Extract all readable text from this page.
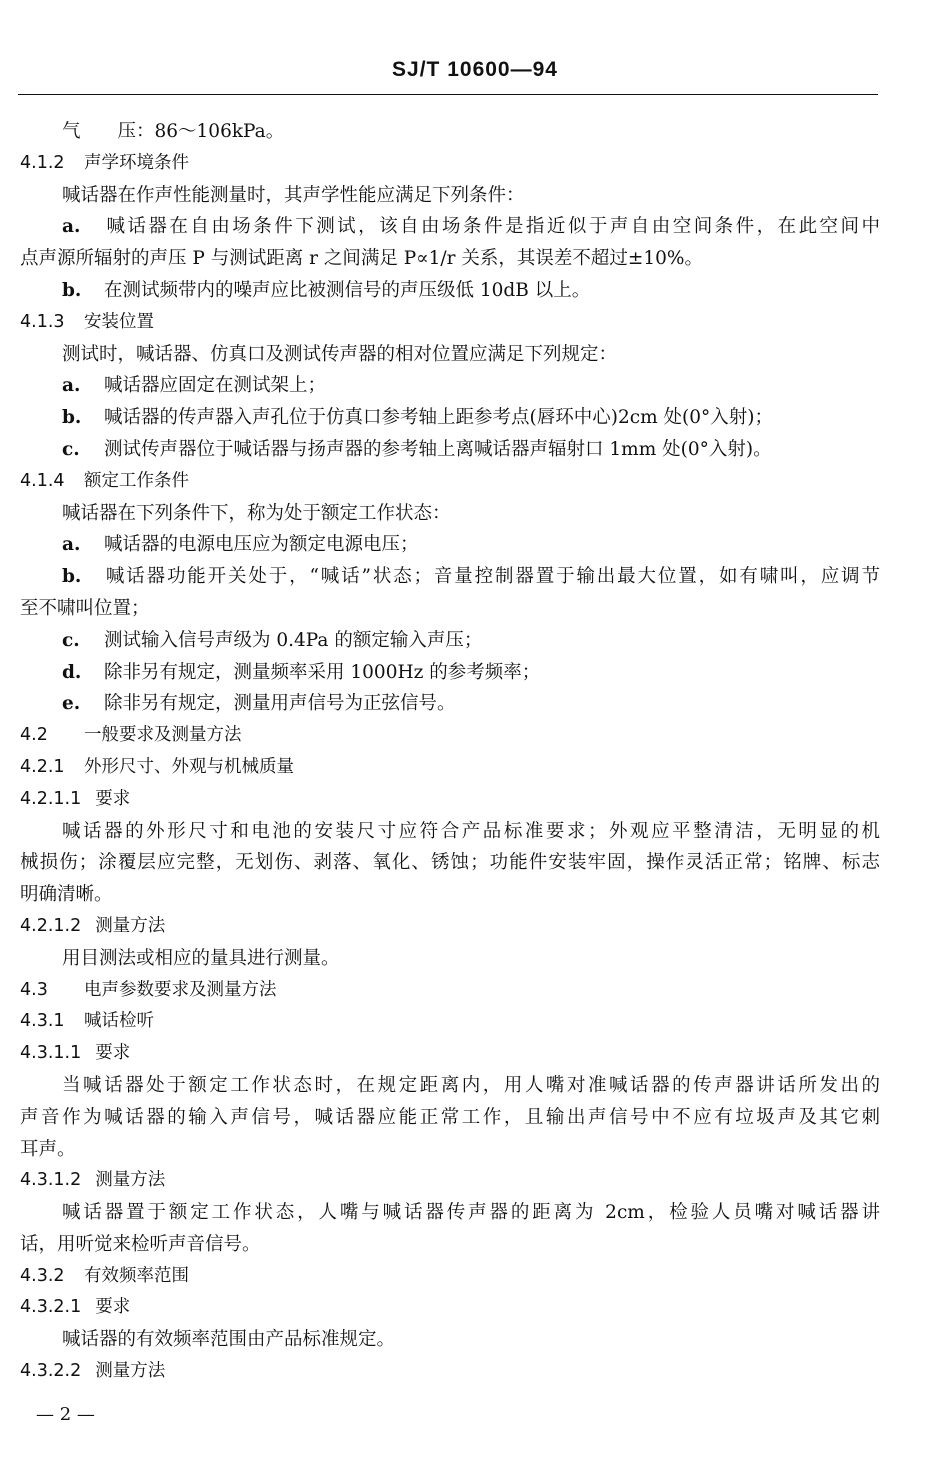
SJ/T 10600—94
气　　压：86～106kPa。
4.1.2 声学环境条件
喊话器在作声性能测量时，其声学性能应满足下列条件：
a. 喊话器在自由场条件下测试，该自由场条件是指近似于声自由空间条件，在此空间中
点声源所辐射的声压 P 与测试距离 r 之间满足 P∝1/r 关系，其误差不超过±10%。
b. 在测试频带内的噪声应比被测信号的声压级低 10dB 以上。
4.1.3 安装位置
测试时，喊话器、仿真口及测试传声器的相对位置应满足下列规定：
a. 喊话器应固定在测试架上；
b. 喊话器的传声器入声孔位于仿真口参考轴上距参考点(唇环中心)2cm 处(0°入射)；
c. 测试传声器位于喊话器与扬声器的参考轴上离喊话器声辐射口 1mm 处(0°入射)。
4.1.4 额定工作条件
喊话器在下列条件下，称为处于额定工作状态：
a. 喊话器的电源电压应为额定电源电压；
b. 喊话器功能开关处于，“喊话”状态；音量控制器置于输出最大位置，如有啸叫，应调节
至不啸叫位置；
c. 测试输入信号声级为 0.4Pa 的额定输入声压；
d. 除非另有规定，测量频率采用 1000Hz 的参考频率；
e. 除非另有规定，测量用声信号为正弦信号。
4.2 一般要求及测量方法
4.2.1 外形尺寸、外观与机械质量
4.2.1.1 要求
喊话器的外形尺寸和电池的安装尺寸应符合产品标准要求；外观应平整清洁，无明显的机
械损伤；涂覆层应完整，无划伤、剥落、氧化、锈蚀；功能件安装牢固，操作灵活正常；铭牌、标志
明确清晰。
4.2.1.2 测量方法
用目测法或相应的量具进行测量。
4.3 电声参数要求及测量方法
4.3.1 喊话检听
4.3.1.1 要求
当喊话器处于额定工作状态时，在规定距离内，用人嘴对准喊话器的传声器讲话所发出的
声音作为喊话器的输入声信号，喊话器应能正常工作，且输出声信号中不应有垃圾声及其它刺
耳声。
4.3.1.2 测量方法
喊话器置于额定工作状态，人嘴与喊话器传声器的距离为 2cm，检验人员嘴对喊话器讲
话，用听觉来检听声音信号。
4.3.2 有效频率范围
4.3.2.1 要求
喊话器的有效频率范围由产品标准规定。
4.3.2.2 测量方法
— 2 —
